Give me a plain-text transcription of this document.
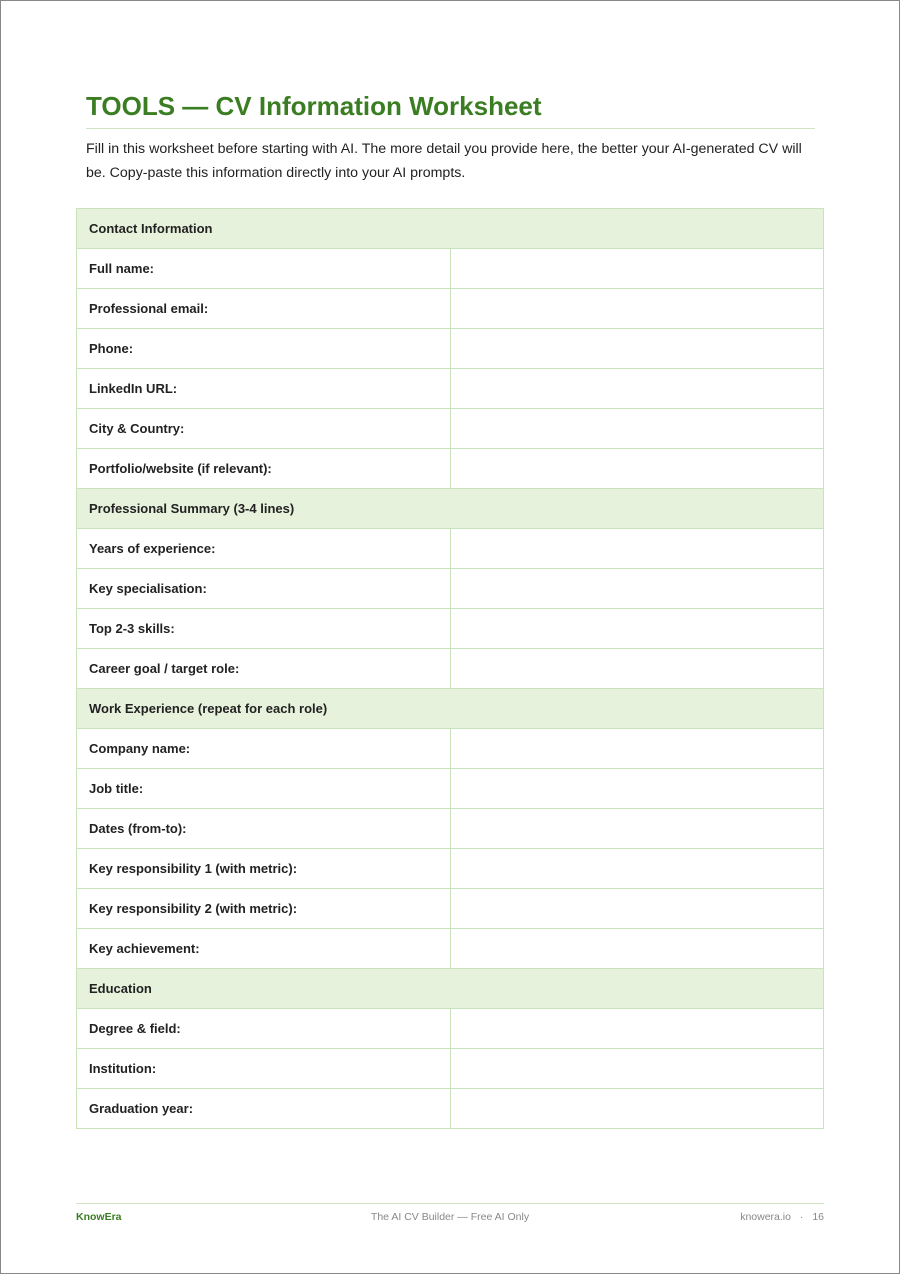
TOOLS — CV Information Worksheet

Fill in this worksheet before starting with AI. The more detail you provide here, the better your AI-generated CV will be. Copy-paste this information directly into your AI prompts.

Contact Information	
Full name:	
Professional email:	
Phone:	
LinkedIn URL:	
City & Country:	
Portfolio/website (if relevant):	
Professional Summary (3-4 lines)	
Years of experience:	
Key specialisation:	
Top 2-3 skills:	
Career goal / target role:	
Work Experience (repeat for each role)	
Company name:	
Job title:	
Dates (from-to):	
Key responsibility 1 (with metric):	
Key responsibility 2 (with metric):	
Key achievement:	
Education	
Degree & field:	
Institution:	
Graduation year:	
KnowEra	The AI CV Builder — Free AI Only	knowera.io · 16
